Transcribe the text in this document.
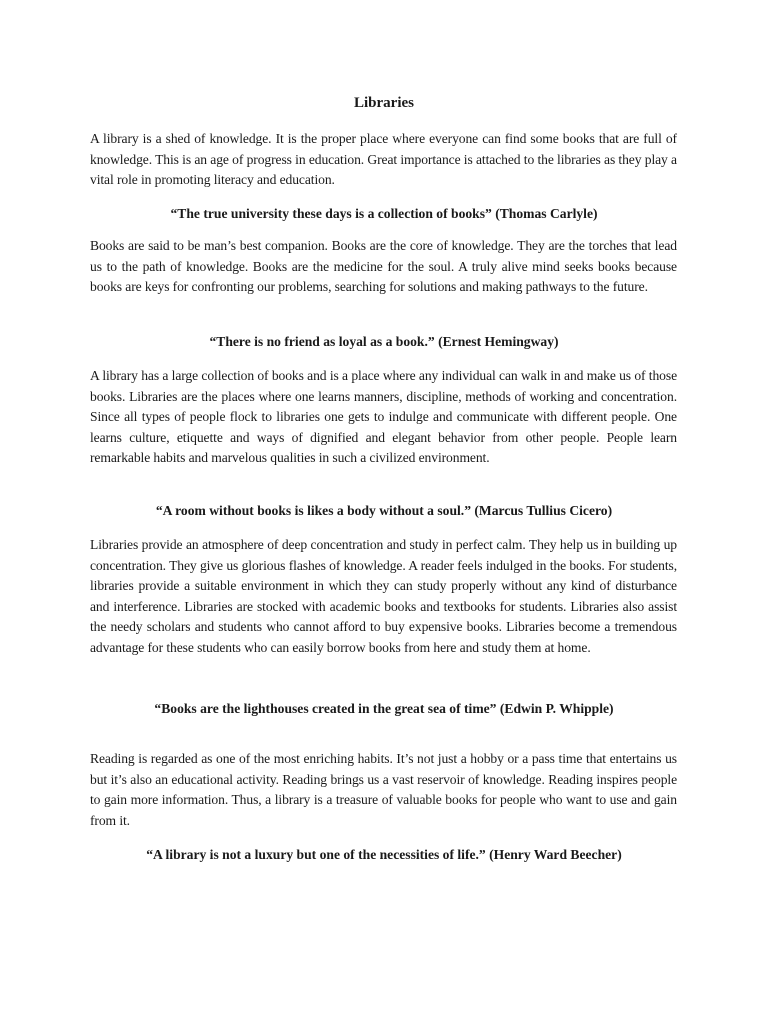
Libraries

A library is a shed of knowledge. It is the proper place where everyone can find some books that are full of knowledge. This is an age of progress in education. Great importance is attached to the libraries as they play a vital role in promoting literacy and education.

“The true university these days is a collection of books” (Thomas Carlyle)

Books are said to be man’s best companion. Books are the core of knowledge. They are the torches that lead us to the path of knowledge. Books are the medicine for the soul. A truly alive mind seeks books because books are keys for confronting our problems, searching for solutions and making pathways to the future.

“There is no friend as loyal as a book.” (Ernest Hemingway)

A library has a large collection of books and is a place where any individual can walk in and make us of those books. Libraries are the places where one learns manners, discipline, methods of working and concentration. Since all types of people flock to libraries one gets to indulge and communicate with different people. One learns culture, etiquette and ways of dignified and elegant behavior from other people. People learn remarkable habits and marvelous qualities in such a civilized environment.

“A room without books is likes a body without a soul.” (Marcus Tullius Cicero)

Libraries provide an atmosphere of deep concentration and study in perfect calm. They help us in building up concentration. They give us glorious flashes of knowledge. A reader feels indulged in the books. For students, libraries provide a suitable environment in which they can study properly without any kind of disturbance and interference. Libraries are stocked with academic books and textbooks for students. Libraries also assist the needy scholars and students who cannot afford to buy expensive books. Libraries become a tremendous advantage for these students who can easily borrow books from here and study them at home.

“Books are the lighthouses created in the great sea of time” (Edwin P. Whipple)

Reading is regarded as one of the most enriching habits. It’s not just a hobby or a pass time that entertains us but it’s also an educational activity. Reading brings us a vast reservoir of knowledge. Reading inspires people to gain more information. Thus, a library is a treasure of valuable books for people who want to use and gain from it.

“A library is not a luxury but one of the necessities of life.” (Henry Ward Beecher)
